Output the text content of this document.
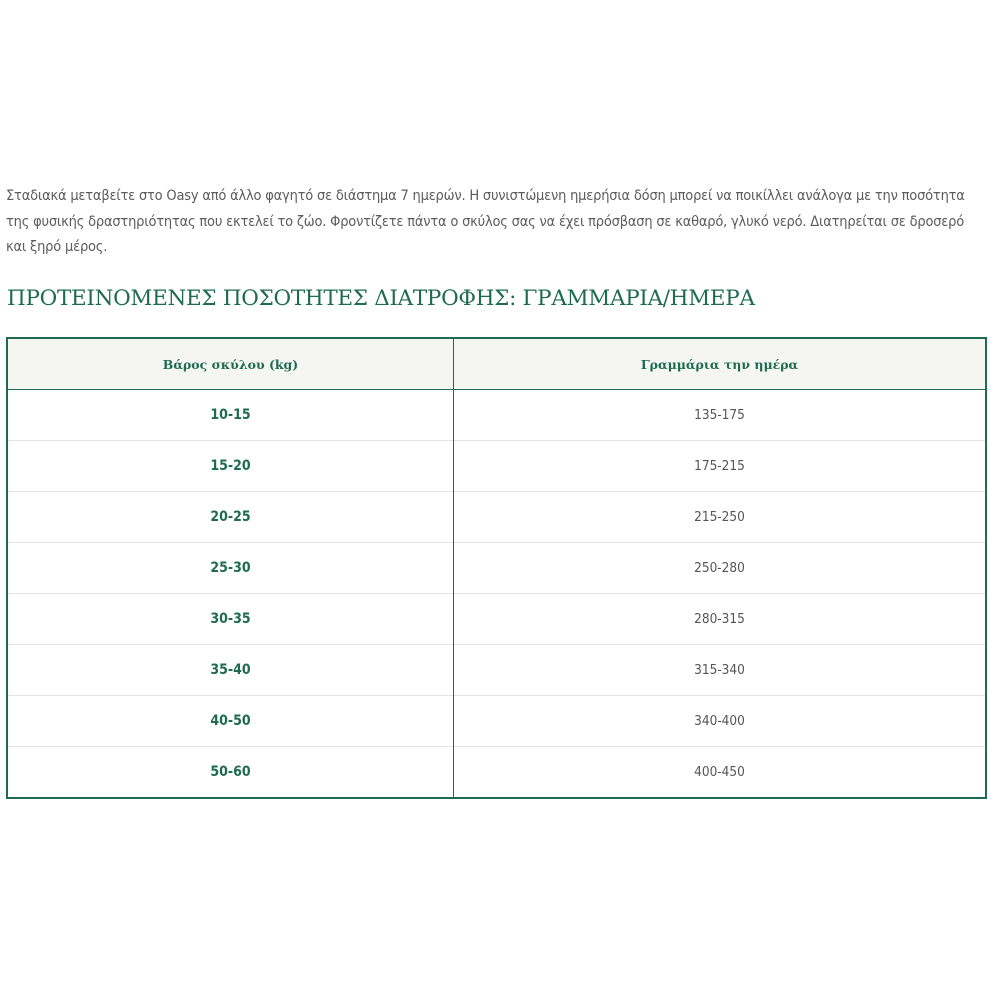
Σταδιακά μεταβείτε στο Oasy από άλλο φαγητό σε διάστημα 7 ημερών. Η συνιστώμενη ημερήσια δόση μπορεί να ποικίλλει ανάλογα με την ποσότητα της φυσικής δραστηριότητας που εκτελεί το ζώο. Φροντίζετε πάντα ο σκύλος σας να έχει πρόσβαση σε καθαρό, γλυκό νερό. Διατηρείται σε δροσερό και ξηρό μέρος.

ΠΡΟΤΕΙΝΟΜΕΝΕΣ ΠΟΣΟΤΗΤΕΣ ΔΙΑΤΡΟΦΗΣ: ΓΡΑΜΜΑΡΙΑ/ΗΜΕΡΑ
Βάρος σκύλου (kg)	Γραμμάρια την ημέρα
10-15	135-175
15-20	175-215
20-25	215-250
25-30	250-280
30-35	280-315
35-40	315-340
40-50	340-400
50-60	400-450
